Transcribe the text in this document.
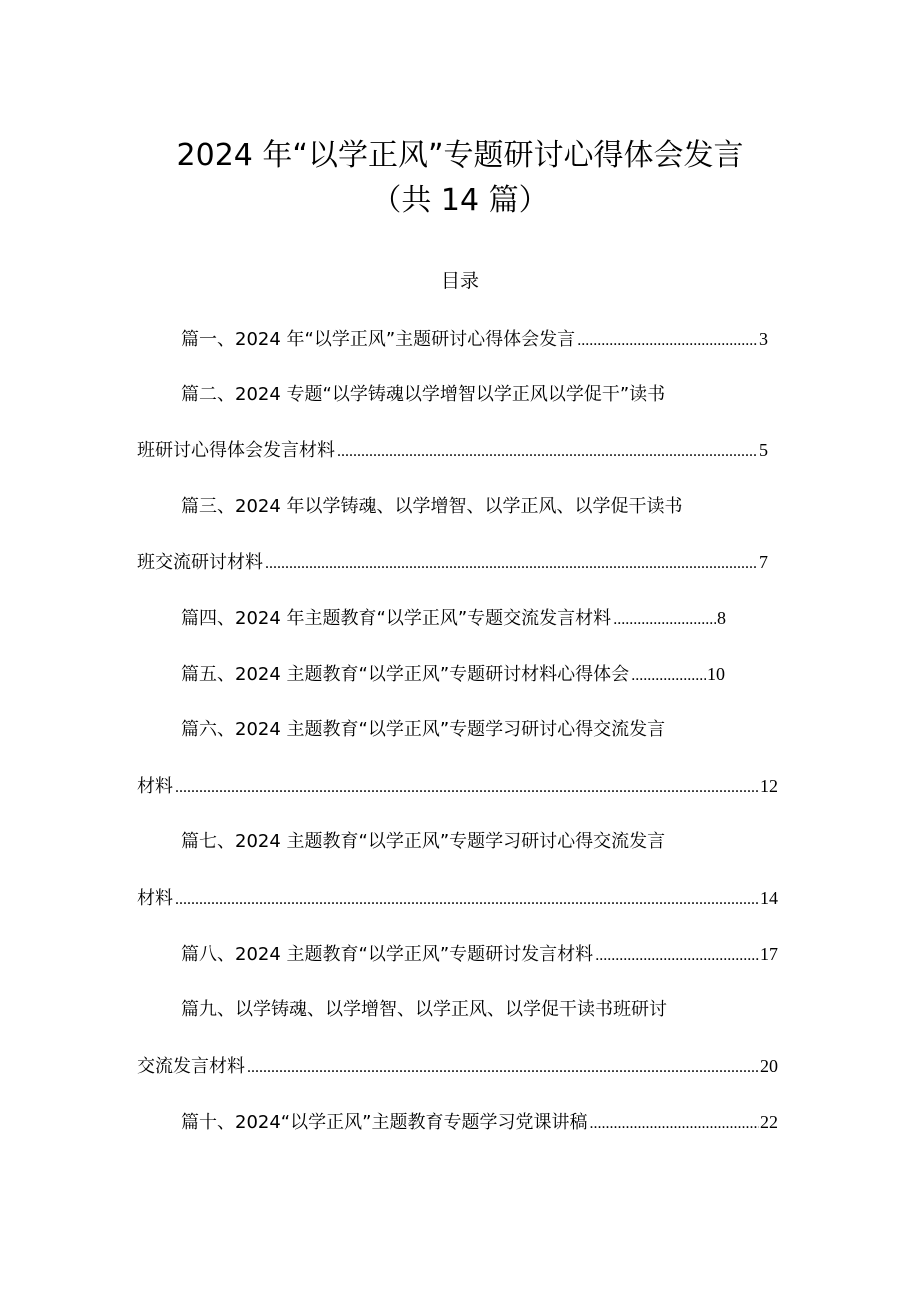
2024 年“以学正风”专题研讨心得体会发言
（共 14 篇）
目录
篇一、2024 年“以学正风”主题研讨心得体会发言 .....	3
篇二、2024 专题“以学铸魂以学增智以学正风以学促干”读书
班研讨心得体会发言材料 .....	5
篇三、2024 年以学铸魂、以学增智、以学正风、以学促干读书
班交流研讨材料 .....	7
篇四、2024 年主题教育“以学正风”专题交流发言材料 .....	8
篇五、2024 主题教育“以学正风”专题研讨材料心得体会 .....	10
篇六、2024 主题教育“以学正风”专题学习研讨心得交流发言
材料 .....	12
篇七、2024 主题教育“以学正风”专题学习研讨心得交流发言
材料 .....	14
篇八、2024 主题教育“以学正风”专题研讨发言材料 .....	17
篇九、以学铸魂、以学增智、以学正风、以学促干读书班研讨
交流发言材料 .....	20
篇十、2024“以学正风”主题教育专题学习党课讲稿 .....	22
